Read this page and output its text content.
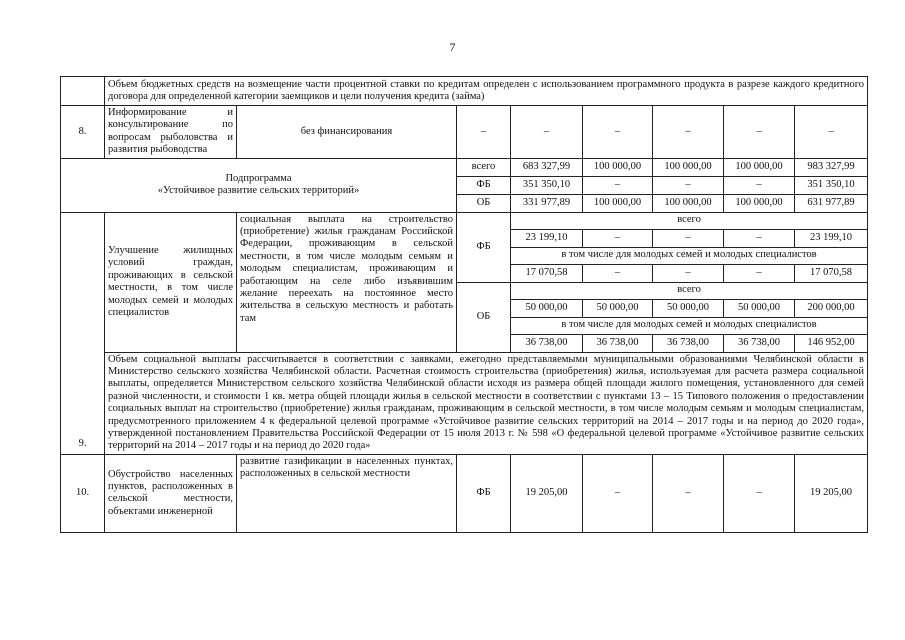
7
	Объем бюджетных средств на возмещение части процентной ставки по кредитам определен с использованием программного продукта в разрезе каждого кредитного договора для определенной категории заемщиков и цели получения кредита (займа)							
8.	Информирование и консультирование по вопросам рыболовства и развития рыбоводства	без финансирования	–	–	–	–	–	–

Подпрограмма
«Устойчивое развитие сельских территорий»			всего	683 327,99	100 000,00	100 000,00	100 000,00	983 327,99
			ФБ	351 350,10	–	–	–	351 350,10
			ОБ	331 977,89	100 000,00	100 000,00	100 000,00	631 977,89
9.	Улучшение жилищных условий граждан, проживающих в сельской местности, в том числе молодых семей и молодых специалистов	социальная выплата на строительство (приобретение) жилья гражданам Российской Федерации, проживающим в сельской местности, в том числе молодым семьям и молодым специалистам, проживающим и работающим на селе либо изъявившим желание переехать на постоянное место жительства в сельскую местность и работать там	ФБ	всего				
				23 199,10	–	–	–	23 199,10
				в том числе для молодых семей и молодых специалистов				
				17 070,58	–	–	–	17 070,58
			ОБ	всего				
				50 000,00	50 000,00	50 000,00	50 000,00	200 000,00
				в том числе для молодых семей и молодых специалистов				
				36 738,00	36 738,00	36 738,00	36 738,00	146 952,00
	Объем социальной выплаты рассчитывается в соответствии с заявками, ежегодно представляемыми муниципальными образованиями Челябинской области в Министерство сельского хозяйства Челябинской области. Расчетная стоимость строительства (приобретения) жилья, используемая для расчета размера социальной выплаты, определяется Министерством сельского хозяйства Челябинской области исходя из размера общей площади жилого помещения, установленного для семей разной численности, и стоимости 1 кв. метра общей площади жилья в сельской местности в соответствии с пунктами 13 – 15 Типового положения о предоставлении социальных выплат на строительство (приобретение) жилья гражданам, проживающим в сельской местности, в том числе молодым семьям и молодым специалистам, предусмотренного приложением 4 к федеральной целевой программе «Устойчивое развитие сельских территорий на 2014 – 2017 годы и на период до 2020 года», утвержденной постановлением Правительства Российской Федерации от 15 июля 2013 г. № 598 «О федеральной целевой программе «Устойчивое развитие сельских территорий на 2014 – 2017 годы и на период до 2020 года»							
10.	Обустройство населенных пунктов, расположенных в сельской местности, объектами инженерной	развитие газификации в населенных пунктах, расположенных в сельской местности	ФБ	19 205,00	–	–	–	19 205,00
